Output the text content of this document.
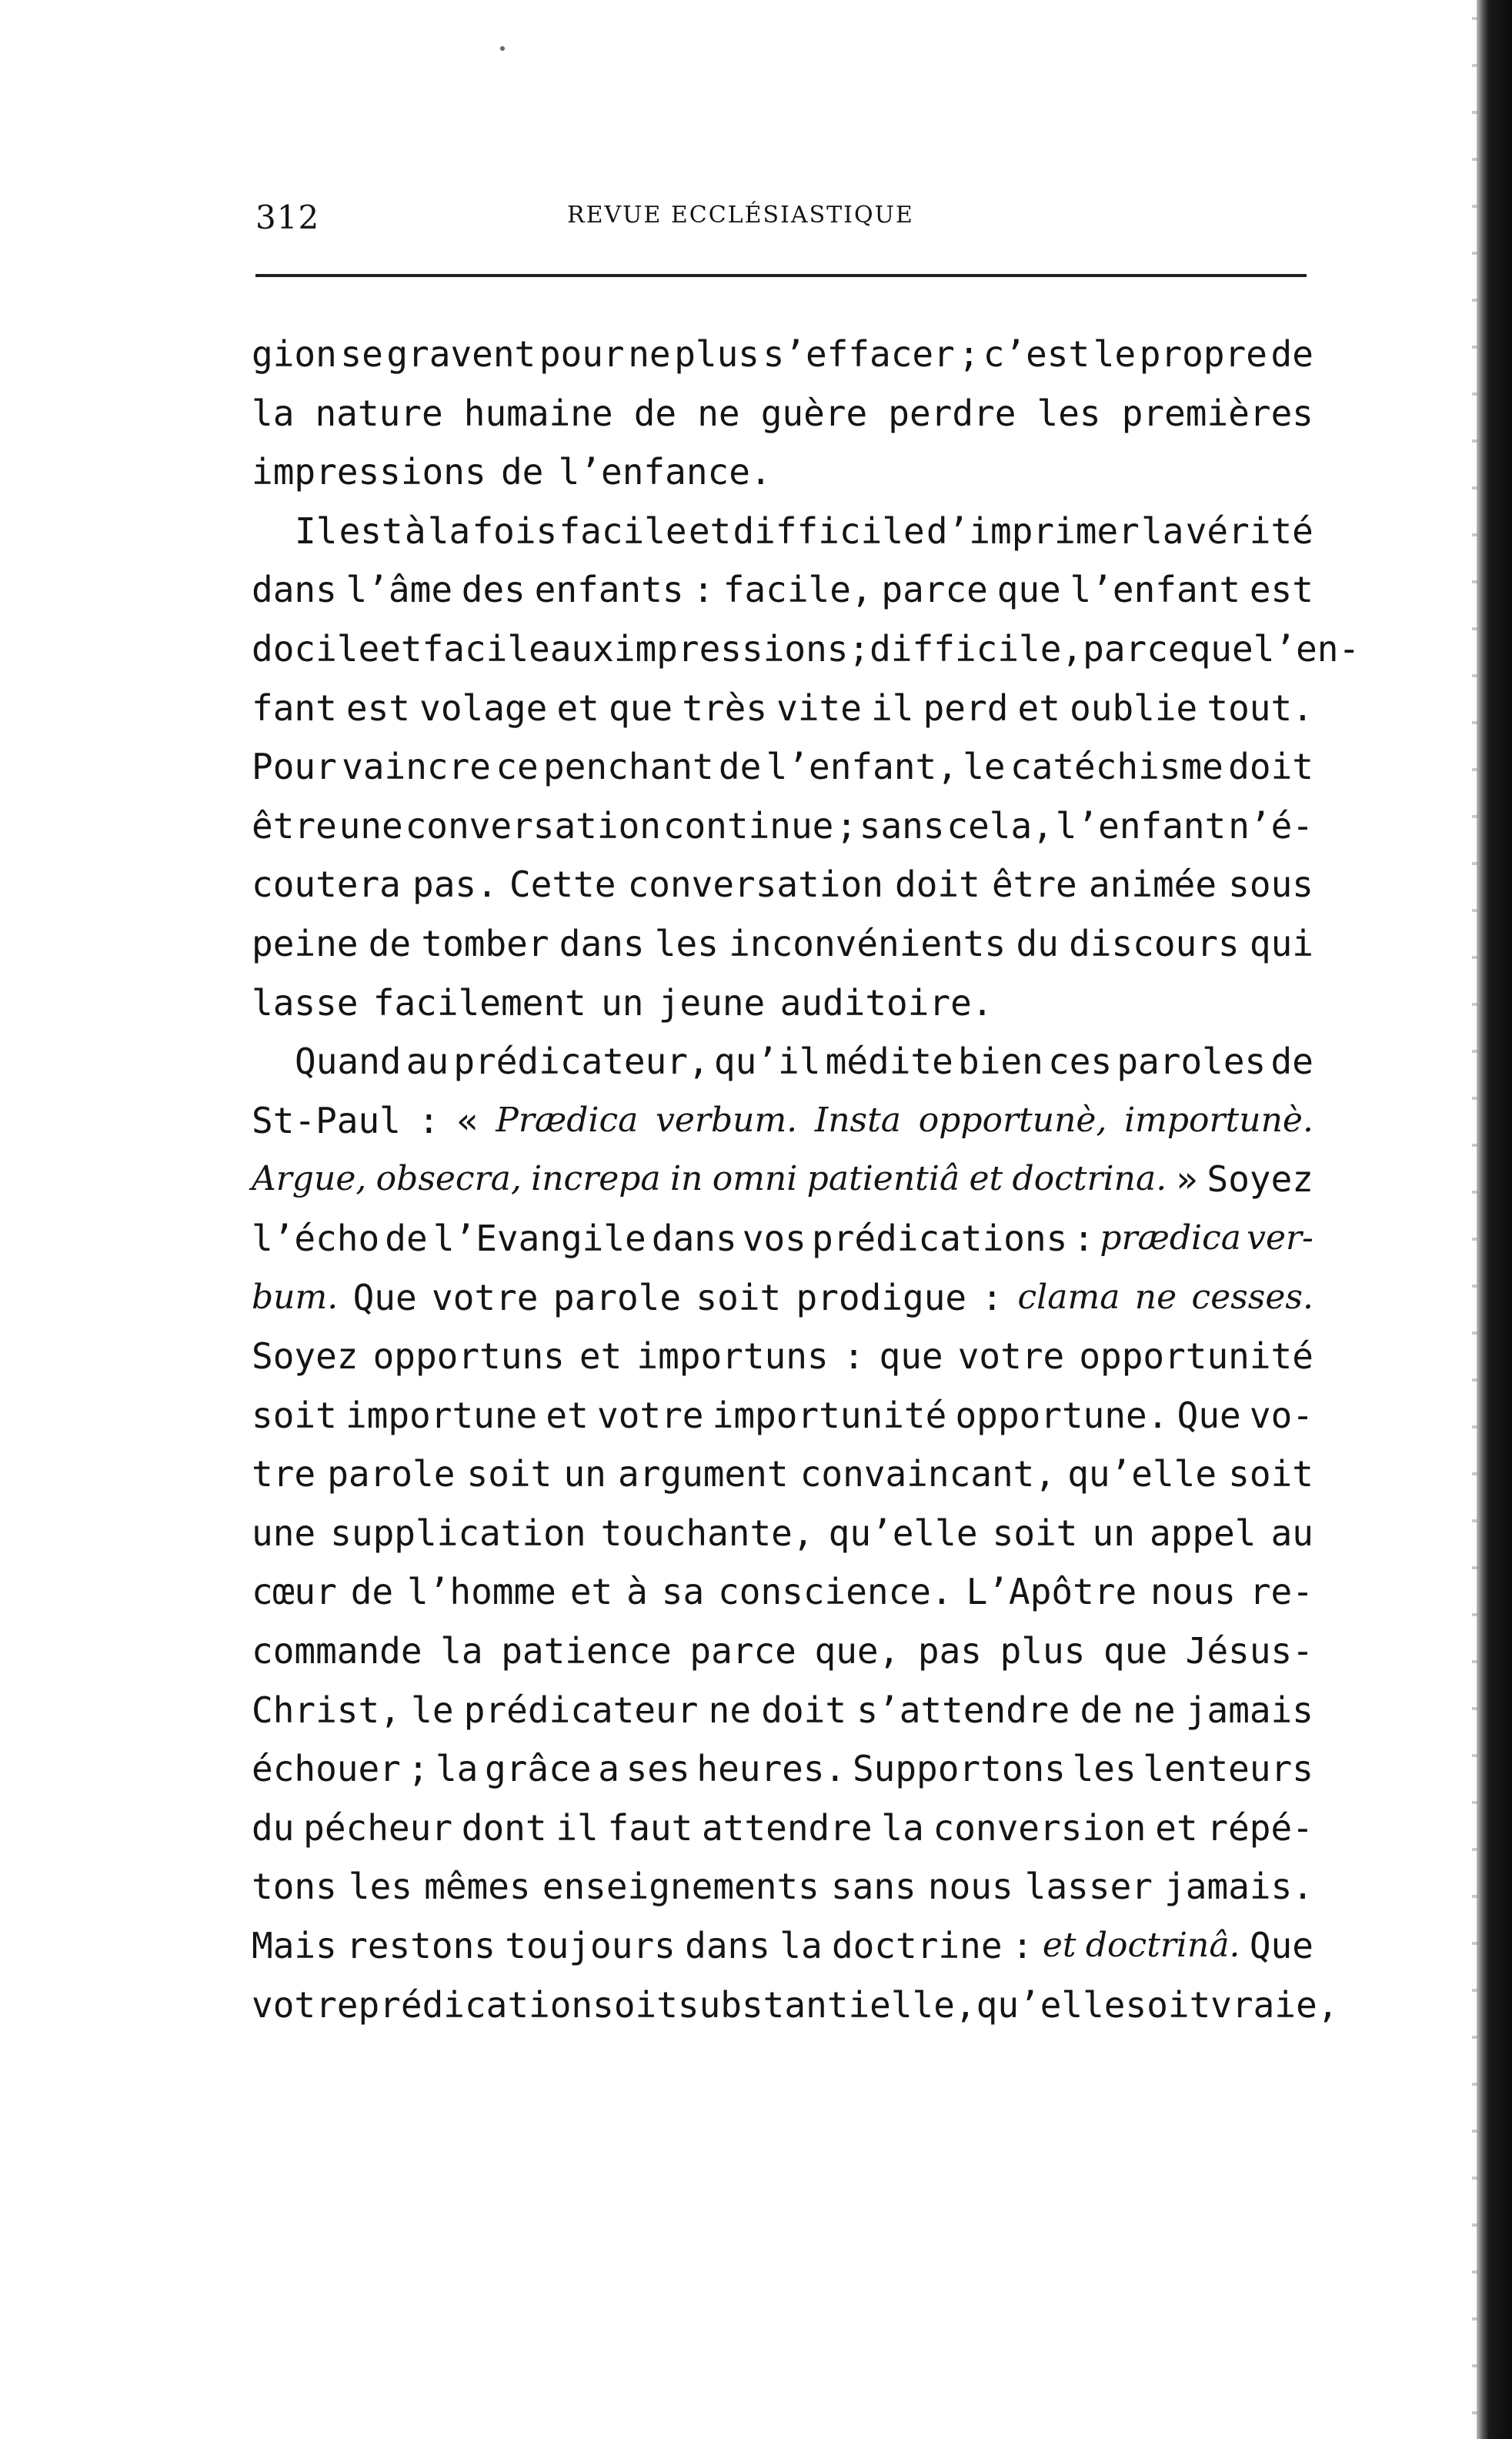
312	REVUE ECCLÉSIASTIQUE
gion se gravent pour ne plus s’effacer ; c’est le propre de
la nature humaine de ne guère perdre les premières
impressions de l’enfance.
Il est à la fois facile et difficile d’imprimer la vérité
dans l’âme des enfants : facile, parce que l’enfant est
docile et facile aux impressions ; difficile, parce que l’en-
fant est volage et que très vite il perd et oublie tout.
Pour vaincre ce penchant de l’enfant, le catéchisme doit
être une conversation continue ; sans cela, l’enfant n’é-
coutera pas. Cette conversation doit être animée sous
peine de tomber dans les inconvénients du discours qui
lasse facilement un jeune auditoire.
Quand au prédicateur, qu’il médite bien ces paroles de
St-Paul : « Prædica verbum. Insta opportunè, importunè.
Argue, obsecra, increpa in omni patientiâ et doctrina. » Soyez
l’écho de l’Evangile dans vos prédications : prædica ver-
bum. Que votre parole soit prodigue : clama ne cesses.
Soyez opportuns et importuns : que votre opportunité
soit importune et votre importunité opportune. Que vo-
tre parole soit un argument convaincant, qu’elle soit
une supplication touchante, qu’elle soit un appel au
cœur de l’homme et à sa conscience. L’Apôtre nous re-
commande la patience parce que, pas plus que Jésus-
Christ, le prédicateur ne doit s’attendre de ne jamais
échouer ; la grâce a ses heures. Supportons les lenteurs
du pécheur dont il faut attendre la conversion et répé-
tons les mêmes enseignements sans nous lasser jamais.
Mais restons toujours dans la doctrine : et doctrinâ. Que
votre prédication soit substantielle, qu’elle soit vraie,
